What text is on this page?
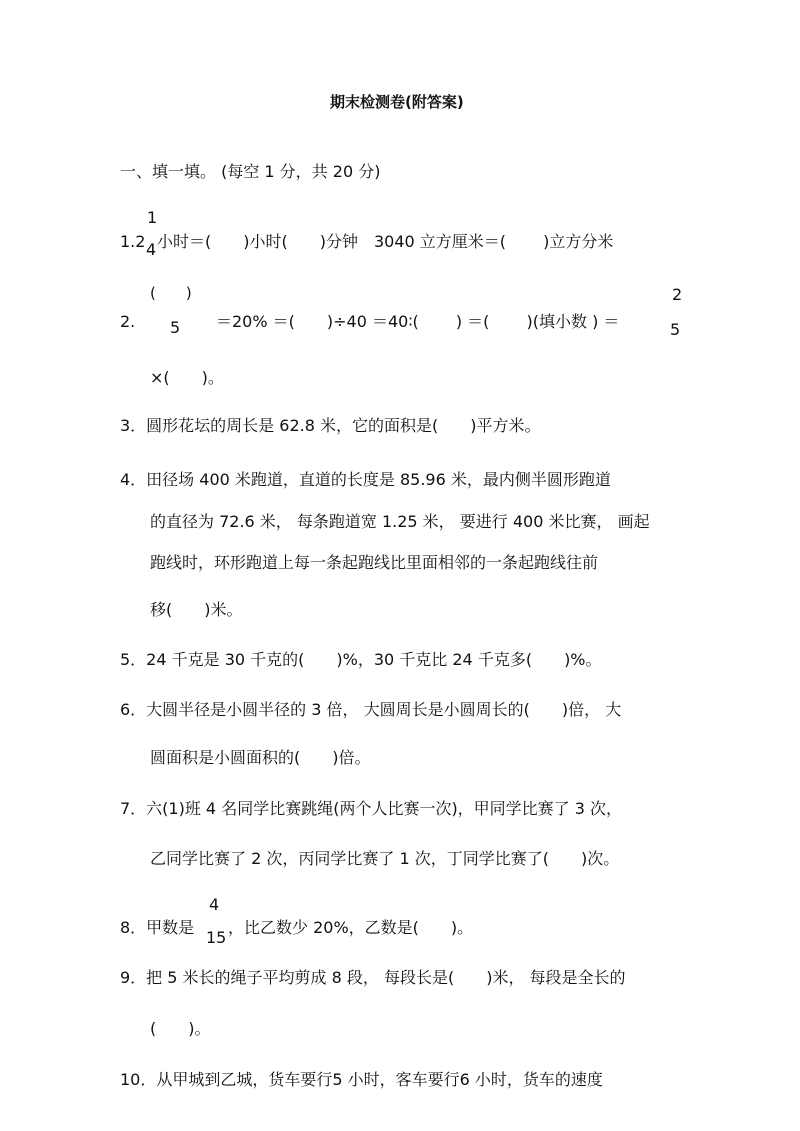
期末检测卷(附答案)
一、填一填。 (每空 1 分，共 20 分)
1
1.2 4 小时＝(　　)小时(　　)分钟　3040 立方厘米＝(　　 )立方分米
(　　)
2. 5 ＝20% ＝(　　)÷40 ＝40∶(　　 ) ＝(　　 )(填小数 ) ＝
2
5
×(　　)。
3．圆形花坛的周长是 62.8 米，它的面积是(　　)平方米。
4．田径场 400 米跑道，直道的长度是 85.96 米，最内侧半圆形跑道
的直径为 72.6 米， 每条跑道宽 1.25 米， 要进行 400 米比赛， 画起
跑线时，环形跑道上每一条起跑线比里面相邻的一条起跑线往前
移(　　)米。
5．24 千克是 30 千克的(　　)%，30 千克比 24 千克多(　　)%。
6．大圆半径是小圆半径的 3 倍， 大圆周长是小圆周长的(　　)倍， 大
圆面积是小圆面积的(　　)倍。
7．六(1)班 4 名同学比赛跳绳(两个人比赛一次)，甲同学比赛了 3 次，
乙同学比赛了 2 次，丙同学比赛了 1 次，丁同学比赛了(　　)次。
4
8．甲数是
15
，比乙数少 20%，乙数是(　　)。
9．把 5 米长的绳子平均剪成 8 段， 每段长是(　　)米， 每段是全长的
(　　)。
10．从甲城到乙城，货车要行5 小时，客车要行6 小时，货车的速度
